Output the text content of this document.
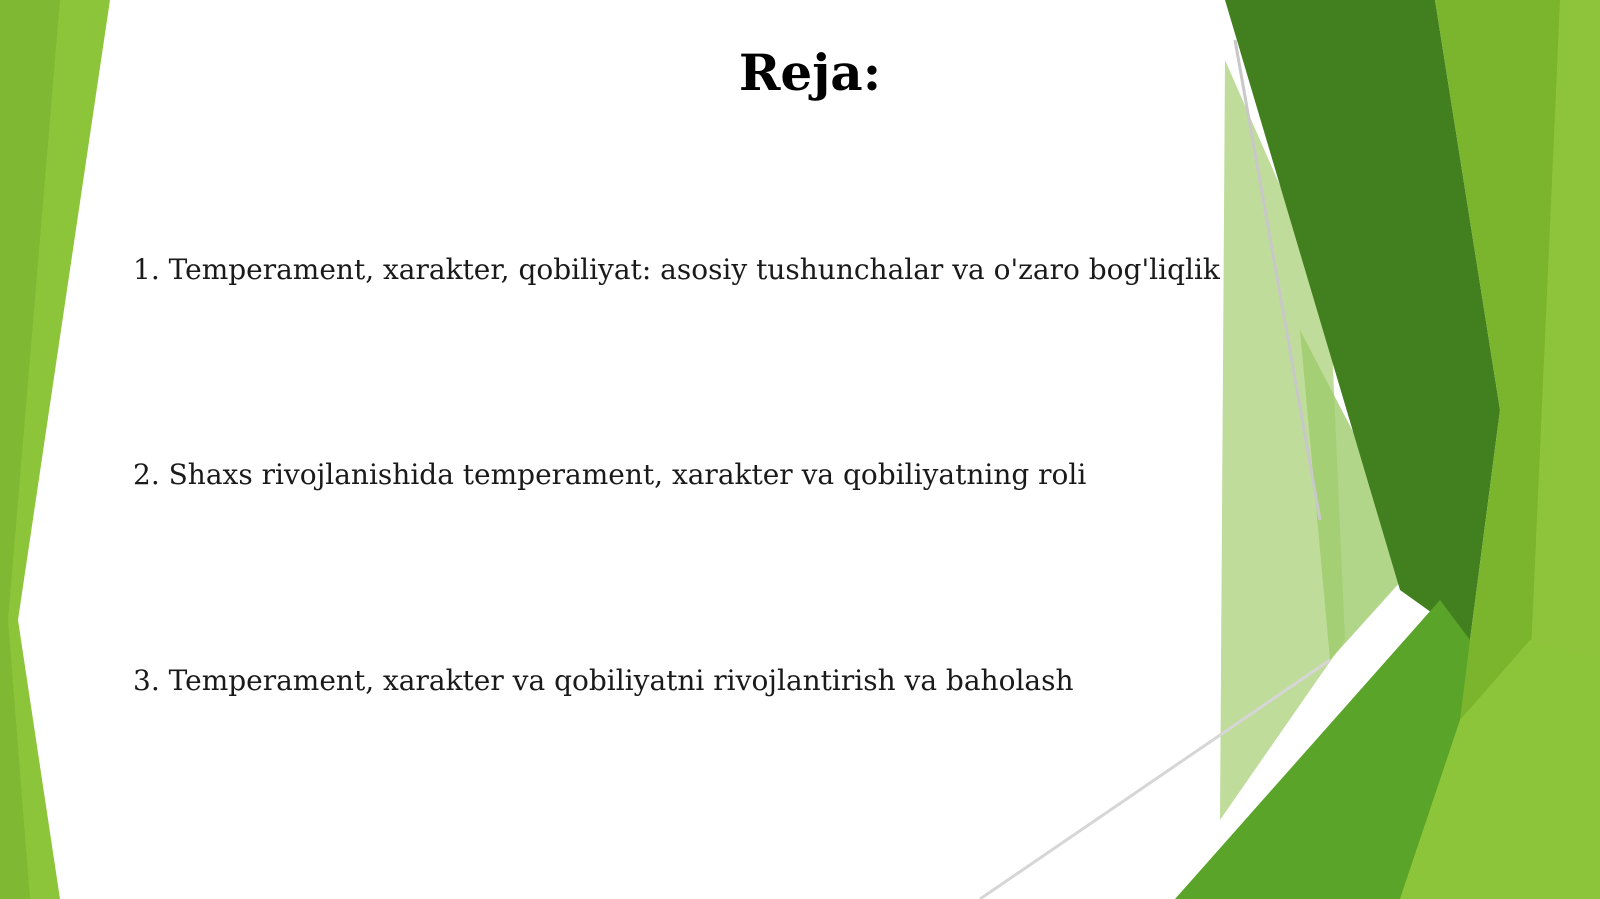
Reja:

1. Temperament, xarakter, qobiliyat: asosiy tushunchalar va o'zaro bog'liqlik

2. Shaxs rivojlanishida temperament, xarakter va qobiliyatning roli

3. Temperament, xarakter va qobiliyatni rivojlantirish va baholash
